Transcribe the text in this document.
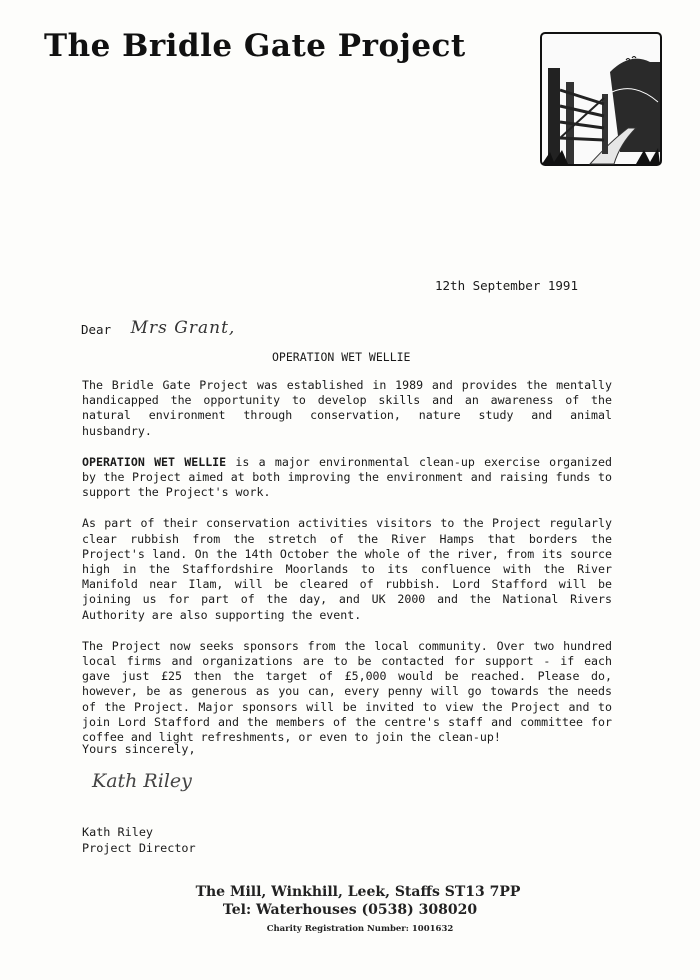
The Bridle Gate Project
12th September 1991
Dear Mrs Grant,
OPERATION WET WELLIE

The Bridle Gate Project was established in 1989 and provides the mentally handicapped the opportunity to develop skills and an awareness of the natural environment through conservation, nature study and animal husbandry.

OPERATION WET WELLIE is a major environmental clean-up exercise organized by the Project aimed at both improving the environment and raising funds to support the Project's work.

As part of their conservation activities visitors to the Project regularly clear rubbish from the stretch of the River Hamps that borders the Project's land. On the 14th October the whole of the river, from its source high in the Staffordshire Moorlands to its confluence with the River Manifold near Ilam, will be cleared of rubbish. Lord Stafford will be joining us for part of the day, and UK 2000 and the National Rivers Authority are also supporting the event.

The Project now seeks sponsors from the local community. Over two hundred local firms and organizations are to be contacted for support - if each gave just £25 then the target of £5,000 would be reached. Please do, however, be as generous as you can, every penny will go towards the needs of the Project. Major sponsors will be invited to view the Project and to join Lord Stafford and the members of the centre's staff and committee for coffee and light refreshments, or even to join the clean-up!

Yours sincerely,
Kath Riley
Kath Riley
Project Director
The Mill, Winkhill, Leek, Staffs ST13 7PP
Tel: Waterhouses (0538) 308020
Charity Registration Number: 1001632
